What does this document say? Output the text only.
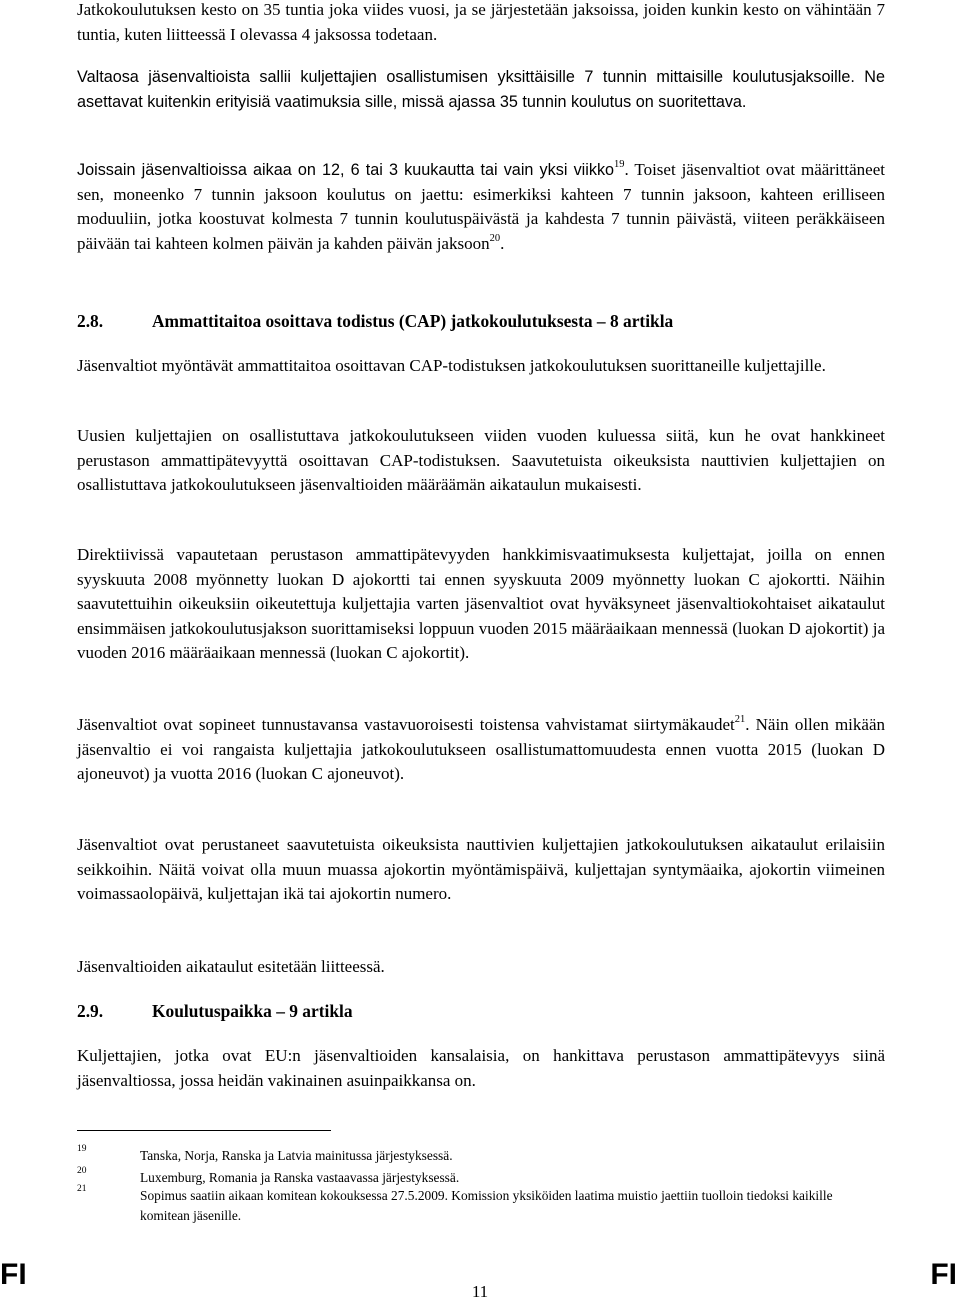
Jatkokoulutuksen kesto on 35 tuntia joka viides vuosi, ja se järjestetään jaksoissa, joiden kunkin kesto on vähintään 7 tuntia, kuten liitteessä I olevassa 4 jaksossa todetaan.

Valtaosa jäsenvaltioista sallii kuljettajien osallistumisen yksittäisille 7 tunnin mittaisille koulutusjaksoille. Ne asettavat kuitenkin erityisiä vaatimuksia sille, missä ajassa 35 tunnin koulutus on suoritettava.

Joissain jäsenvaltioissa aikaa on 12, 6 tai 3 kuukautta tai vain yksi viikko$^{19}$. Toiset jäsenvaltiot ovat määrittäneet sen, moneenko 7 tunnin jaksoon koulutus on jaettu: esimerkiksi kahteen 7 tunnin jaksoon, kahteen erilliseen moduuliin, jotka koostuvat kolmesta 7 tunnin koulutuspäivästä ja kahdesta 7 tunnin päivästä, viiteen peräkkäiseen päivään tai kahteen kolmen päivän ja kahden päivän jaksoon$^{20}$.

2.8.	Ammattitaitoa osoittava todistus (CAP) jatkokoulutuksesta – 8 artikla

Jäsenvaltiot myöntävät ammattitaitoa osoittavan CAP-todistuksen jatkokoulutuksen suorittaneille kuljettajille.

Uusien kuljettajien on osallistuttava jatkokoulutukseen viiden vuoden kuluessa siitä, kun he ovat hankkineet perustason ammattipätevyyttä osoittavan CAP-todistuksen. Saavutetuista oikeuksista nauttivien kuljettajien on osallistuttava jatkokoulutukseen jäsenvaltioiden määräämän aikataulun mukaisesti.

Direktiivissä vapautetaan perustason ammattipätevyyden hankkimisvaatimuksesta kuljettajat, joilla on ennen syyskuuta 2008 myönnetty luokan D ajokortti tai ennen syyskuuta 2009 myönnetty luokan C ajokortti. Näihin saavutettuihin oikeuksiin oikeutettuja kuljettajia varten jäsenvaltiot ovat hyväksyneet jäsenvaltiokohtaiset aikataulut ensimmäisen jatkokoulutusjakson suorittamiseksi loppuun vuoden 2015 määräaikaan mennessä (luokan D ajokortit) ja vuoden 2016 määräaikaan mennessä (luokan C ajokortit).

Jäsenvaltiot ovat sopineet tunnustavansa vastavuoroisesti toistensa vahvistamat siirtymäkaudet$^{21}$. Näin ollen mikään jäsenvaltio ei voi rangaista kuljettajia jatkokoulutukseen osallistumattomuudesta ennen vuotta 2015 (luokan D ajoneuvot) ja vuotta 2016 (luokan C ajoneuvot).

Jäsenvaltiot ovat perustaneet saavutetuista oikeuksista nauttivien kuljettajien jatkokoulutuksen aikataulut erilaisiin seikkoihin. Näitä voivat olla muun muassa ajokortin myöntämispäivä, kuljettajan syntymäaika, ajokortin viimeinen voimassaolopäivä, kuljettajan ikä tai ajokortin numero.

Jäsenvaltioiden aikataulut esitetään liitteessä.

2.9.	Koulutuspaikka – 9 artikla

Kuljettajien, jotka ovat EU:n jäsenvaltioiden kansalaisia, on hankittava perustason ammattipätevyys siinä jäsenvaltiossa, jossa heidän vakinainen asuinpaikkansa on.

19	Tanska, Norja, Ranska ja Latvia mainitussa järjestyksessä.
20	Luxemburg, Romania ja Ranska vastaavassa järjestyksessä.
21	Sopimus saatiin aikaan komitean kokouksessa 27.5.2009. Komission yksiköiden laatima muistio jaettiin tuolloin tiedoksi kaikille komitean jäsenille.
FI
11
FI
